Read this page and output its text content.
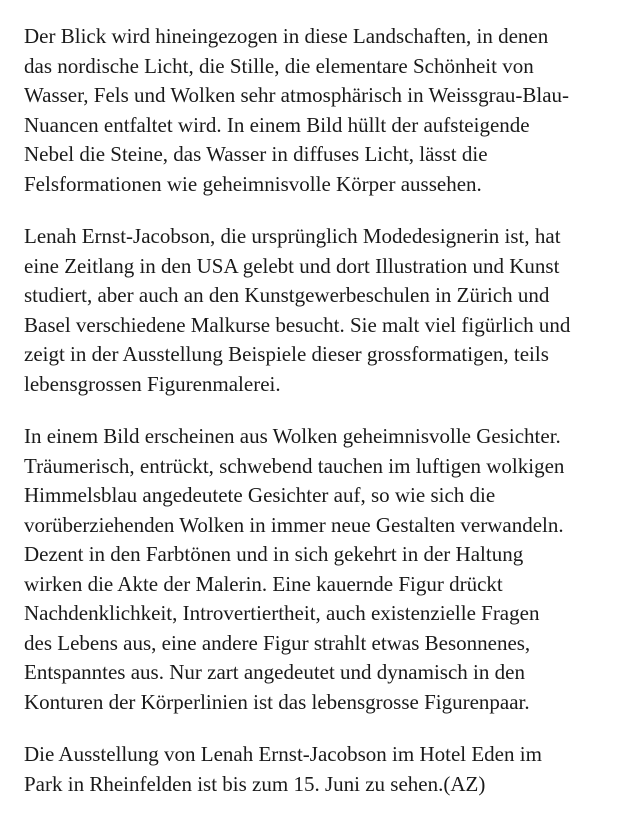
Der Blick wird hineingezogen in diese Landschaften, in denen
das nordische Licht, die Stille, die elementare Schönheit von
Wasser, Fels und Wolken sehr atmosphärisch in Weissgrau-Blau-
Nuancen entfaltet wird. In einem Bild hüllt der aufsteigende
Nebel die Steine, das Wasser in diffuses Licht, lässt die
Felsformationen wie geheimnisvolle Körper aussehen.

Lenah Ernst-Jacobson, die ursprünglich Modedesignerin ist, hat
eine Zeitlang in den USA gelebt und dort Illustration und Kunst
studiert, aber auch an den Kunstgewerbeschulen in Zürich und
Basel verschiedene Malkurse besucht. Sie malt viel figürlich und
zeigt in der Ausstellung Beispiele dieser grossformatigen, teils
lebensgrossen Figurenmalerei.

In einem Bild erscheinen aus Wolken geheimnisvolle Gesichter.
Träumerisch, entrückt, schwebend tauchen im luftigen wolkigen
Himmelsblau angedeutete Gesichter auf, so wie sich die
vorüberziehenden Wolken in immer neue Gestalten verwandeln.
Dezent in den Farbtönen und in sich gekehrt in der Haltung
wirken die Akte der Malerin. Eine kauernde Figur drückt
Nachdenklichkeit, Introvertiertheit, auch existenzielle Fragen
des Lebens aus, eine andere Figur strahlt etwas Besonnenes,
Entspanntes aus. Nur zart angedeutet und dynamisch in den
Konturen der Körperlinien ist das lebensgrosse Figurenpaar.

Die Ausstellung von Lenah Ernst-Jacobson im Hotel Eden im
Park in Rheinfelden ist bis zum 15. Juni zu sehen.(AZ)
